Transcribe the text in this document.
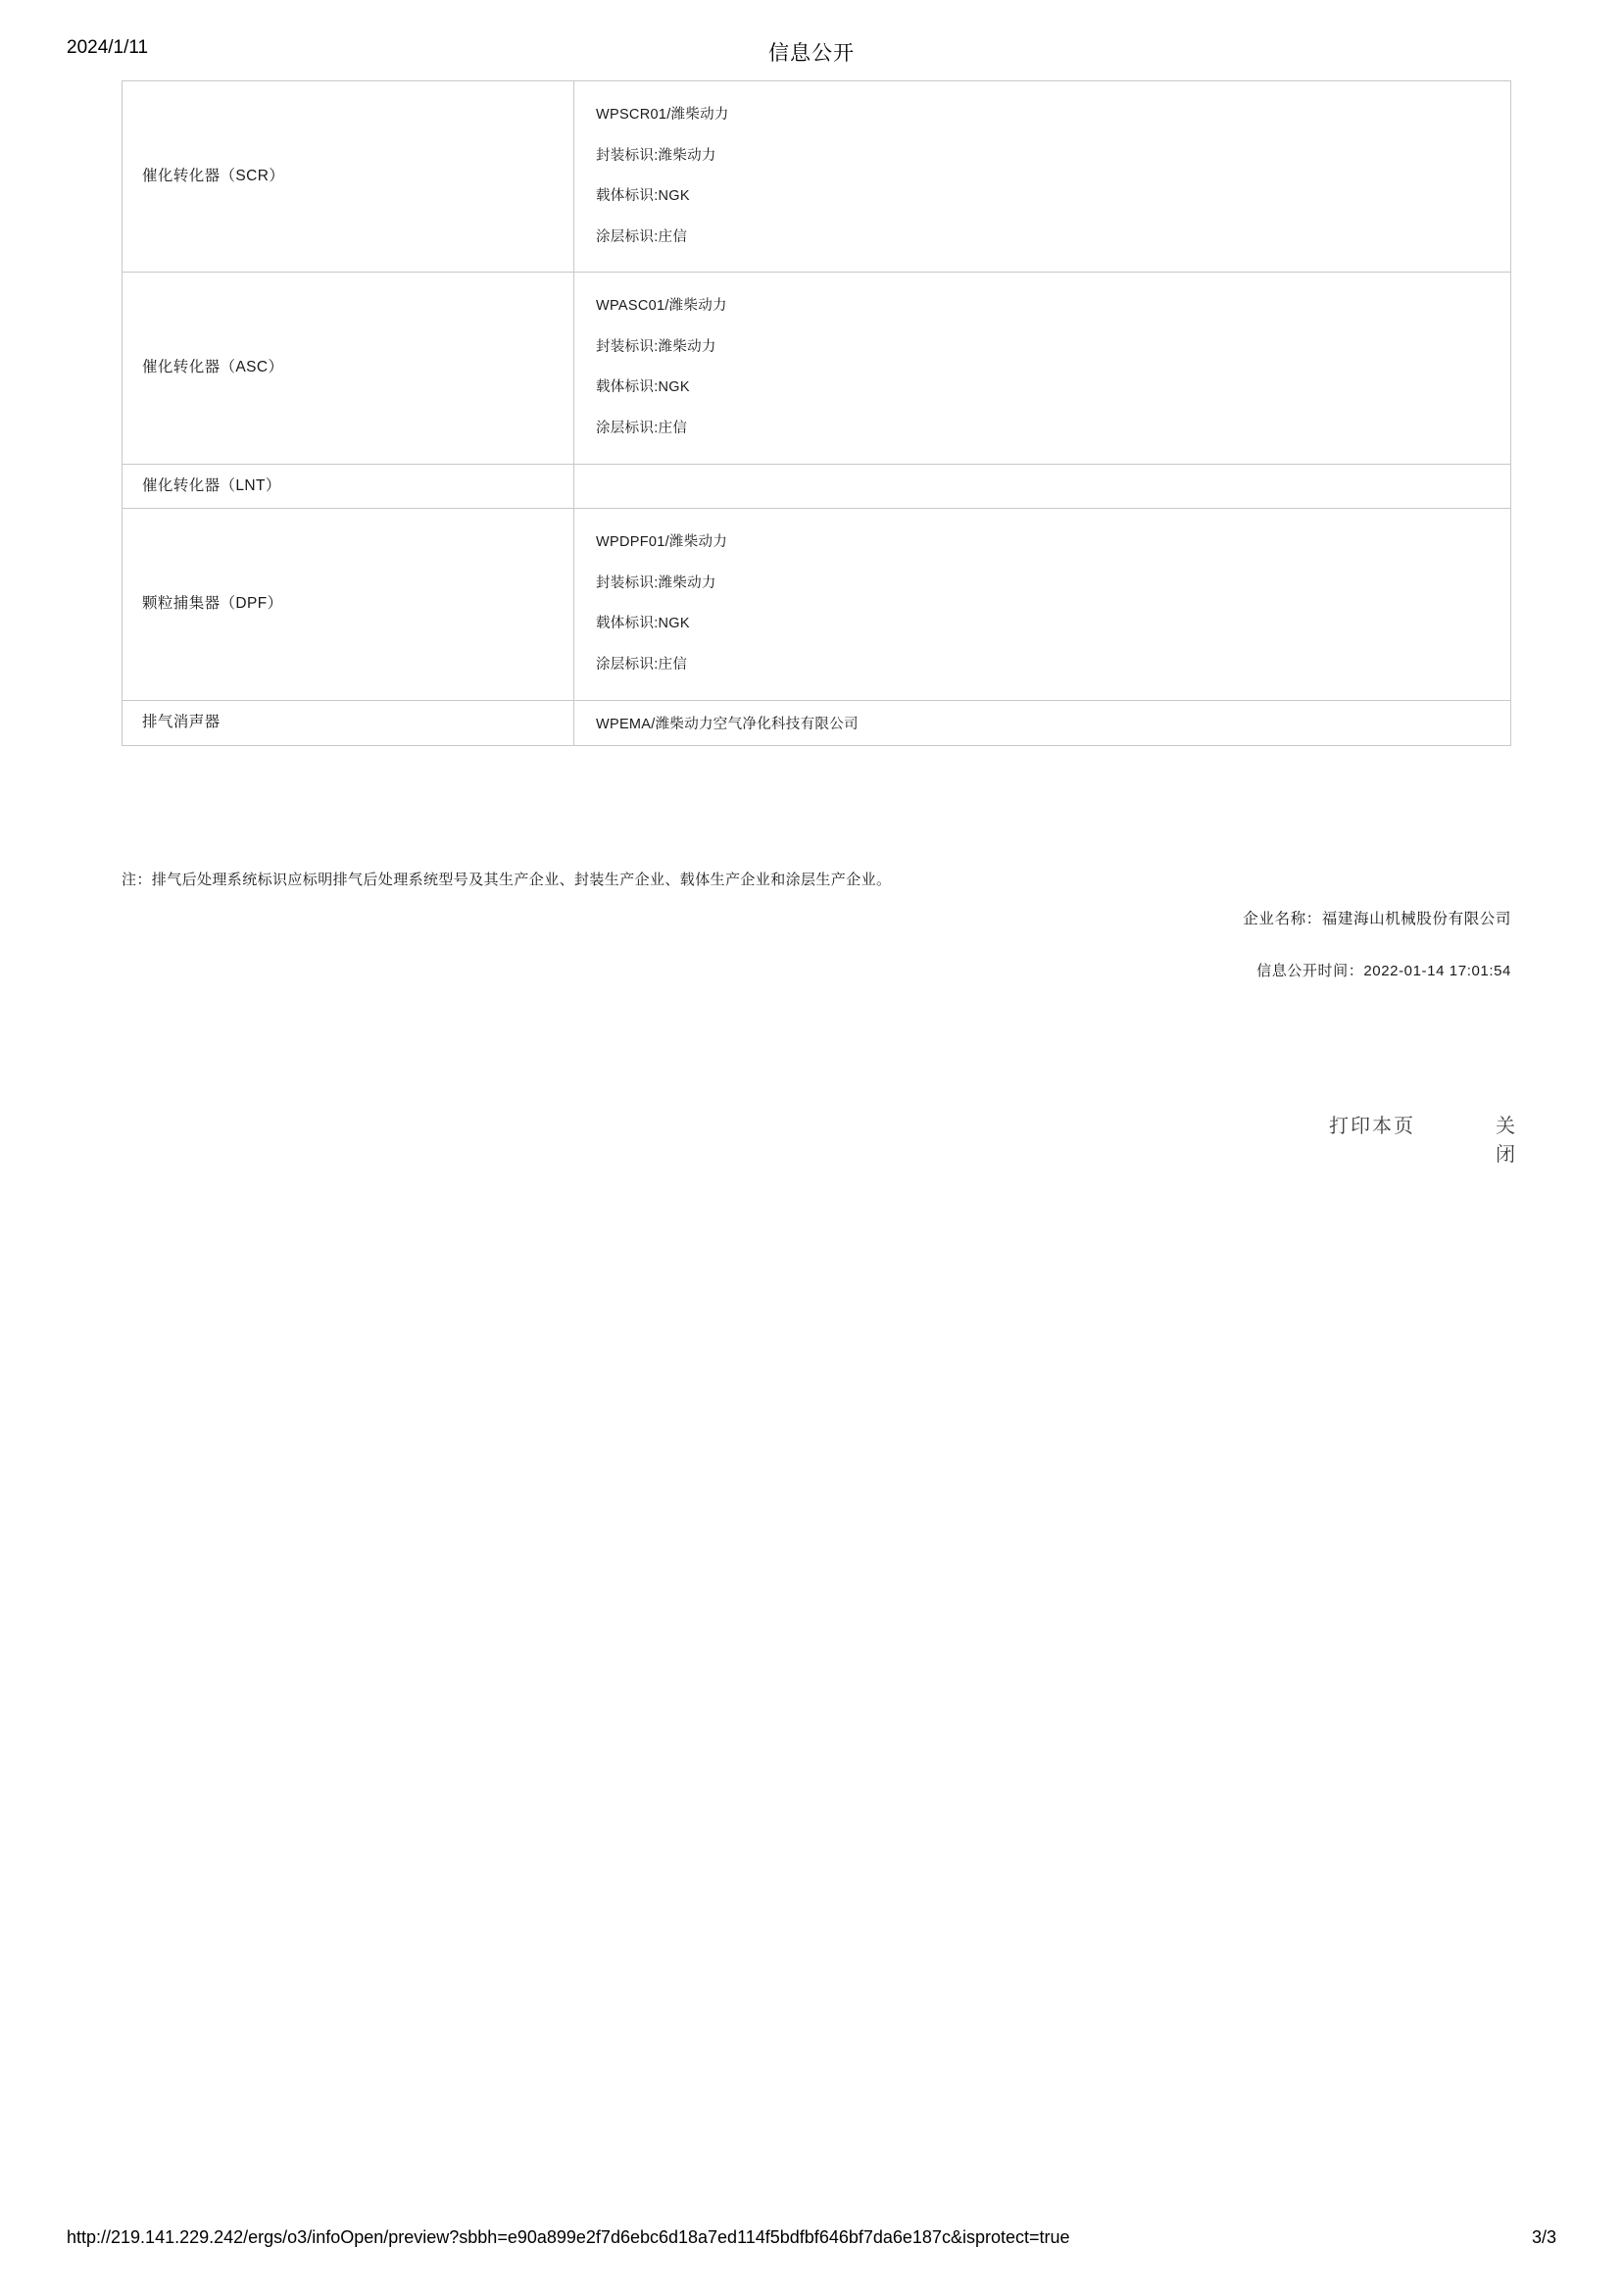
2024/1/11	信息公开
催化转化器（SCR）	WPSCR01/潍柴动力
封装标识:潍柴动力
载体标识:NGK
涂层标识:庄信

催化转化器（ASC）	WPASC01/潍柴动力
封装标识:潍柴动力
载体标识:NGK
涂层标识:庄信

催化转化器（LNT）	

颗粒捕集器（DPF）	WPDPF01/潍柴动力
封装标识:潍柴动力
载体标识:NGK
涂层标识:庄信

排气消声器	WPEMA/潍柴动力空气净化科技有限公司
注：排气后处理系统标识应标明排气后处理系统型号及其生产企业、封装生产企业、载体生产企业和涂层生产企业。
企业名称：福建海山机械股份有限公司
信息公开时间：2022-01-14 17:01:54
打印本页	关闭
http://219.141.229.242/ergs/o3/infoOpen/preview?sbbh=e90a899e2f7d6ebc6d18a7ed114f5bdfbf646bf7da6e187c&isprotect=true	3/3
